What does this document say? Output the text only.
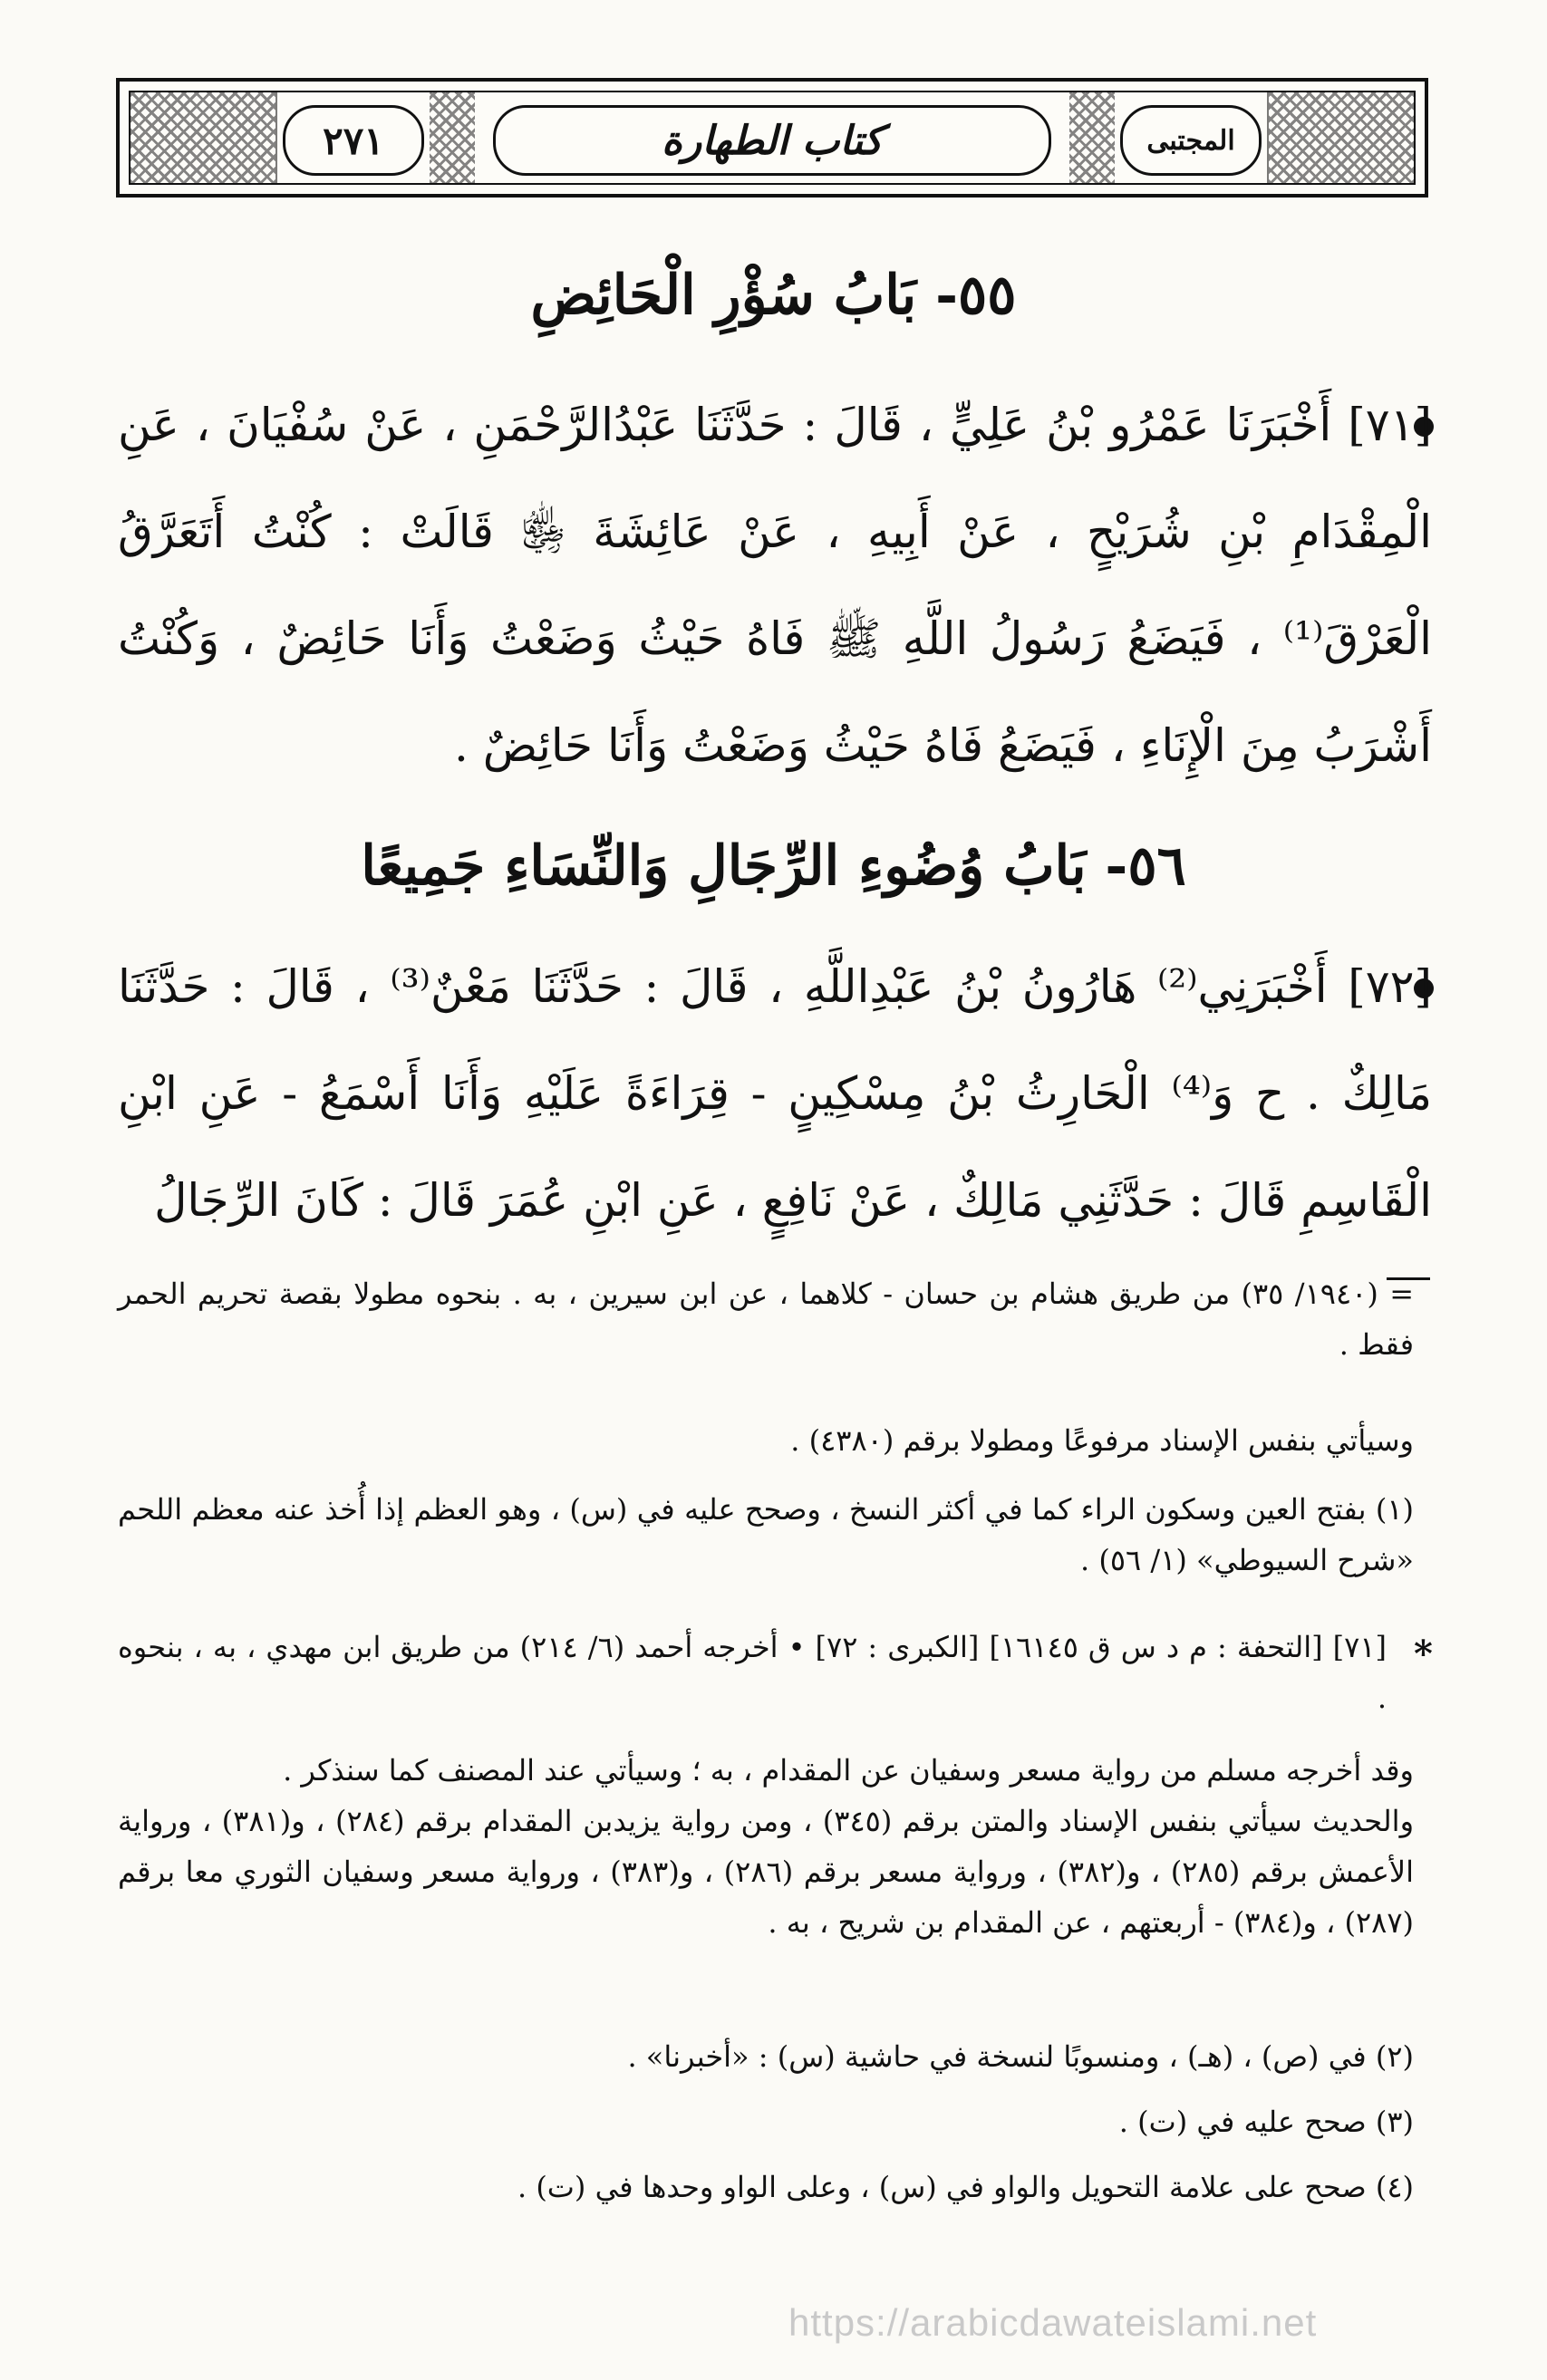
٢٧١	كتاب الطهارة	المجتبى
٥٥- بَابُ سُؤْرِ الْحَائِضِ

[٧١] أَخْبَرَنَا عَمْرُو بْنُ عَلِيٍّ ، قَالَ : حَدَّثَنَا عَبْدُالرَّحْمَنِ ، عَنْ سُفْيَانَ ، عَنِ الْمِقْدَامِ بْنِ شُرَيْحٍ ، عَنْ أَبِيهِ ، عَنْ عَائِشَةَ ﵂ قَالَتْ : كُنْتُ أَتَعَرَّقُ الْعَرْقَ⁽¹⁾ ، فَيَضَعُ رَسُولُ اللَّهِ ﷺ فَاهُ حَيْثُ وَضَعْتُ وَأَنَا حَائِضٌ ، وَكُنْتُ أَشْرَبُ مِنَ الْإِنَاءِ ، فَيَضَعُ فَاهُ حَيْثُ وَضَعْتُ وَأَنَا حَائِضٌ .

٥٦- بَابُ وُضُوءِ الرِّجَالِ وَالنِّسَاءِ جَمِيعًا

[٧٢] أَخْبَرَنِي⁽²⁾ هَارُونُ بْنُ عَبْدِاللَّهِ ، قَالَ : حَدَّثَنَا مَعْنٌ⁽³⁾ ، قَالَ : حَدَّثَنَا مَالِكٌ . ح وَ⁽⁴⁾ الْحَارِثُ بْنُ مِسْكِينٍ - قِرَاءَةً عَلَيْهِ وَأَنَا أَسْمَعُ - عَنِ ابْنِ الْقَاسِمِ قَالَ : حَدَّثَنِي مَالِكٌ ، عَنْ نَافِعٍ ، عَنِ ابْنِ عُمَرَ قَالَ : كَانَ الرِّجَالُ

= (١٩٤٠/ ٣٥) من طريق هشام بن حسان - كلاهما ، عن ابن سيرين ، به . بنحوه مطولا بقصة تحريم الحمر فقط .

وسيأتي بنفس الإسناد مرفوعًا ومطولا برقم (٤٣٨٠) .

(١) بفتح العين وسكون الراء كما في أكثر النسخ ، وصحح عليه في (س) ، وهو العظم إذا أُخذ عنه معظم اللحم «شرح السيوطي» (١/ ٥٦) .

*

[٧١] [التحفة : م د س ق ١٦١٤٥] [الكبرى : ٧٢] • أخرجه أحمد (٦/ ٢١٤) من طريق ابن مهدي ، به ، بنحوه .

وقد أخرجه مسلم من رواية مسعر وسفيان عن المقدام ، به ؛ وسيأتي عند المصنف كما سنذكر .

والحديث سيأتي بنفس الإسناد والمتن برقم (٣٤٥) ، ومن رواية يزيدبن المقدام برقم (٢٨٤) ، و(٣٨١) ، ورواية الأعمش برقم (٢٨٥) ، و(٣٨٢) ، ورواية مسعر برقم (٢٨٦) ، و(٣٨٣) ، ورواية مسعر وسفيان الثوري معا برقم (٢٨٧) ، و(٣٨٤) - أربعتهم ، عن المقدام بن شريح ، به .

(٢) في (ص) ، (هـ) ، ومنسوبًا لنسخة في حاشية (س) : «أخبرنا» .

(٣) صحح عليه في (ت) .

(٤) صحح على علامة التحويل والواو في (س) ، وعلى الواو وحدها في (ت) .

https://arabicdawateislami.net
